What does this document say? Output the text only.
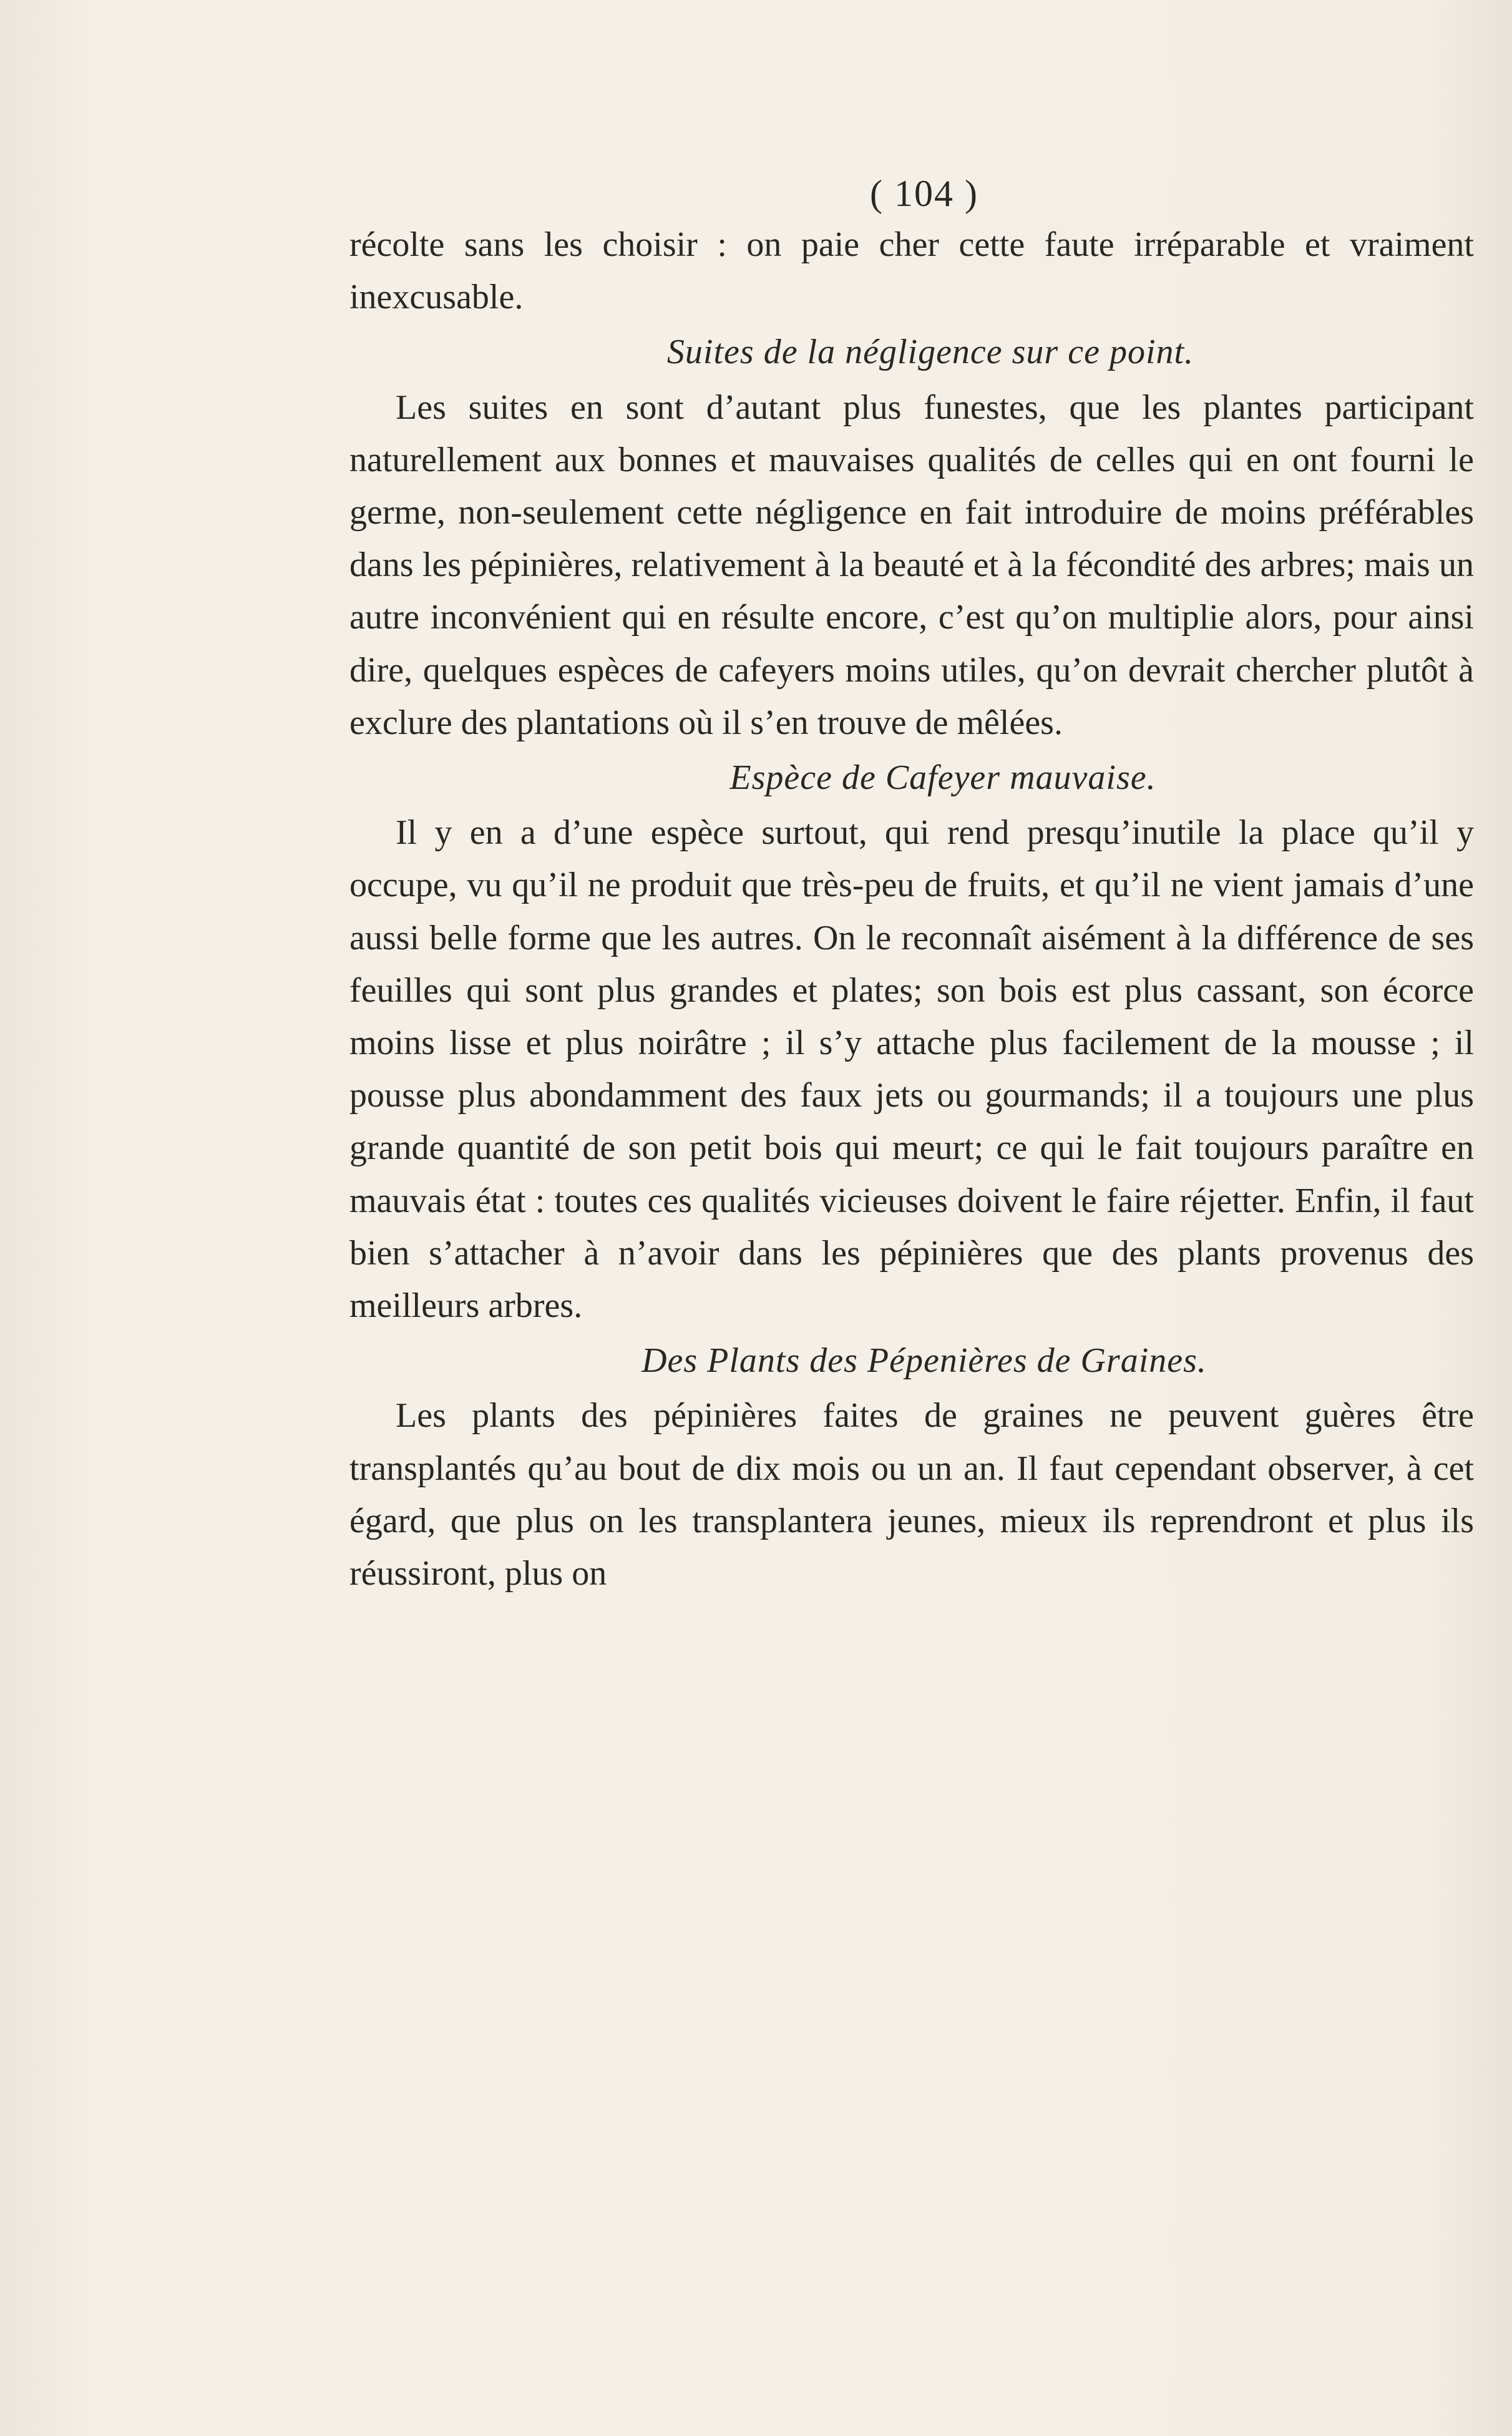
( 104 )

récolte sans les choisir : on paie cher cette faute irréparable et vraiment inexcusable.

Suites de la négligence sur ce point.

Les suites en sont d’autant plus funestes, que les plantes participant naturellement aux bonnes et mauvaises qualités de celles qui en ont fourni le germe, non-seulement cette négligence en fait introduire de moins préférables dans les pépinières, relativement à la beauté et à la fécondité des arbres; mais un autre inconvénient qui en résulte encore, c’est qu’on multiplie alors, pour ainsi dire, quelques espèces de cafeyers moins utiles, qu’on devrait chercher plutôt à exclure des plantations où il s’en trouve de mêlées.

Espèce de Cafeyer mauvaise.

Il y en a d’une espèce surtout, qui rend presqu’inutile la place qu’il y occupe, vu qu’il ne produit que très-peu de fruits, et qu’il ne vient jamais d’une aussi belle forme que les autres. On le reconnaît aisément à la différence de ses feuilles qui sont plus grandes et plates; son bois est plus cassant, son écorce moins lisse et plus noirâtre ; il s’y attache plus facilement de la mousse ; il pousse plus abondamment des faux jets ou gourmands; il a toujours une plus grande quantité de son petit bois qui meurt; ce qui le fait toujours paraître en mauvais état : toutes ces qualités vicieuses doivent le faire réjetter. Enfin, il faut bien s’attacher à n’avoir dans les pépinières que des plants provenus des meilleurs arbres.

Des Plants des Pépenières de Graines.

Les plants des pépinières faites de graines ne peuvent guères être transplantés qu’au bout de dix mois ou un an. Il faut cependant observer, à cet égard, que plus on les transplantera jeunes, mieux ils reprendront et plus ils réussiront, plus on
